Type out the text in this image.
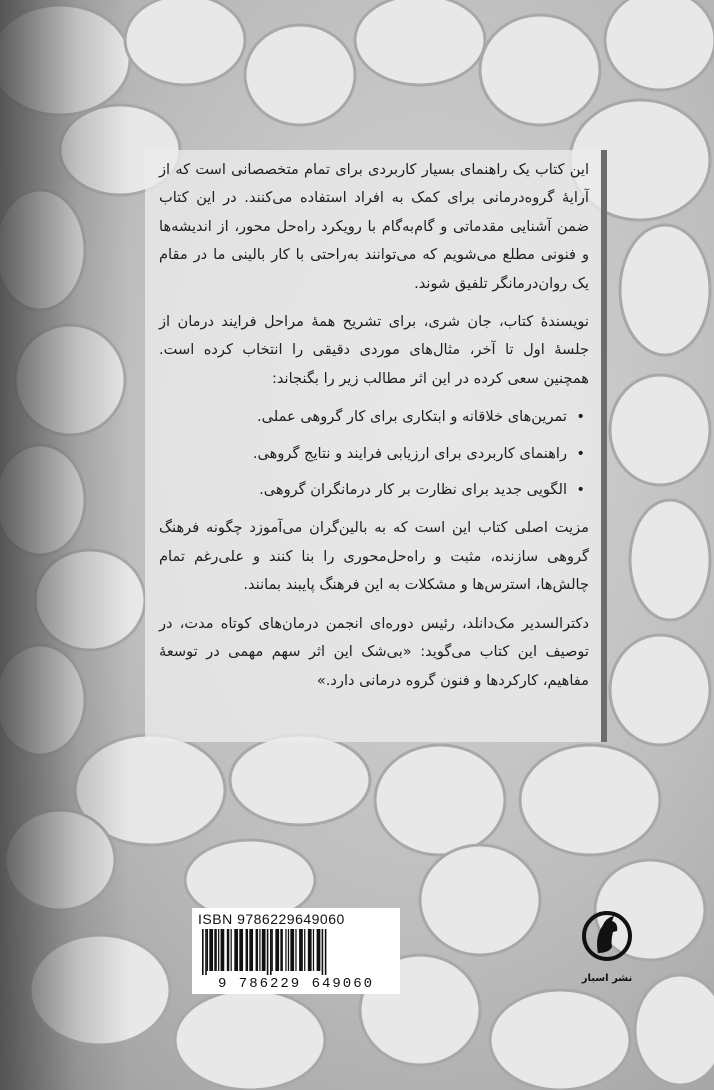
این کتاب یک راهنمای بسیار کاربردی برای تمام متخصصانی است که از آرایهٔ گروه‌درمانی برای کمک به افراد استفاده می‌کنند. در این کتاب ضمن آشنایی مقدماتی و گام‌به‌گام با رویکرد راه‌حل محور، از اندیشه‌ها و فنونی مطلع می‌شویم که می‌توانند به‌راحتی با کار بالینی ما در مقام یک روان‌درمانگر تلفیق شوند.

نویسندهٔ کتاب، جان شری، برای تشریح همهٔ مراحل فرایند درمان از جلسهٔ اول تا آخر، مثال‌های موردی دقیقی را انتخاب کرده است. همچنین سعی کرده در این اثر مطالب زیر را بگنجاند:

• تمرین‌های خلاقانه و ابتکاری برای کار گروهی عملی.
• راهنمای کاربردی برای ارزیابی فرایند و نتایج گروهی.
• الگویی جدید برای نظارت بر کار درمانگران گروهی.

مزیت اصلی کتاب این است که به بالین‌گران می‌آموزد چگونه فرهنگ گروهی سازنده، مثبت و راه‌حل‌محوری را بنا کنند و علی‌رغم تمام چالش‌ها، استرس‌ها و مشکلات به این فرهنگ پایبند بمانند.

دکترالسدیر مک‌دانلد، رئیس دوره‌ای انجمن درمان‌های کوتاه مدت، در توصیف این کتاب می‌گوید: «بی‌شک این اثر سهم مهمی در توسعهٔ مفاهیم، کارکردها و فنون گروه درمانی دارد.»

ISBN 9786229649060
9 786229 649060	نشر اسبار
